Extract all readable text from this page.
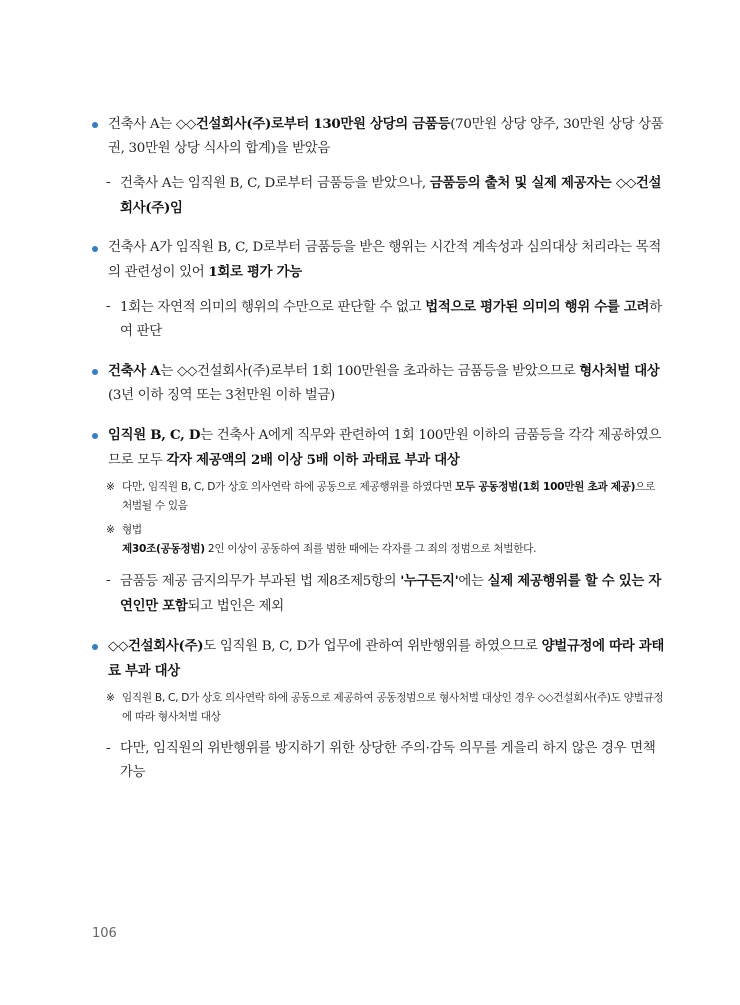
건축사 A는 ◇◇건설회사(주)로부터 130만원 상당의 금품등(70만원 상당 양주, 30만원 상당 상품권, 30만원 상당 식사의 합계)을 받았음
- 건축사 A는 임직원 B, C, D로부터 금품등을 받았으나, 금품등의 출처 및 실제 제공자는 ◇◇건설회사(주)임
건축사 A가 임직원 B, C, D로부터 금품등을 받은 행위는 시간적 계속성과 심의대상 처리라는 목적의 관련성이 있어 1회로 평가 가능
- 1회는 자연적 의미의 행위의 수만으로 판단할 수 없고 법적으로 평가된 의미의 행위 수를 고려하여 판단
건축사 A는 ◇◇건설회사(주)로부터 1회 100만원을 초과하는 금품등을 받았으므로 형사처벌 대상(3년 이하 징역 또는 3천만원 이하 벌금)
임직원 B, C, D는 건축사 A에게 직무와 관련하여 1회 100만원 이하의 금품등을 각각 제공하였으므로 모두 각자 제공액의 2배 이상 5배 이하 과태료 부과 대상
※ 다만, 임직원 B, C, D가 상호 의사연락 하에 공동으로 제공행위를 하였다면 모두 공동정범(1회 100만원 초과 제공)으로 처벌될 수 있음
※ 형법
제30조(공동정범) 2인 이상이 공동하여 죄를 범한 때에는 각자를 그 죄의 정범으로 처벌한다.
- 금품등 제공 금지의무가 부과된 법 제8조제5항의 '누구든지'에는 실제 제공행위를 할 수 있는 자연인만 포함되고 법인은 제외
◇◇건설회사(주)도 임직원 B, C, D가 업무에 관하여 위반행위를 하였으므로 양벌규정에 따라 과태료 부과 대상
※ 임직원 B, C, D가 상호 의사연락 하에 공동으로 제공하여 공동정범으로 형사처벌 대상인 경우 ◇◇건설회사(주)도 양벌규정에 따라 형사처벌 대상
- 다만, 임직원의 위반행위를 방지하기 위한 상당한 주의·감독 의무를 게을리 하지 않은 경우 면책 가능
106
